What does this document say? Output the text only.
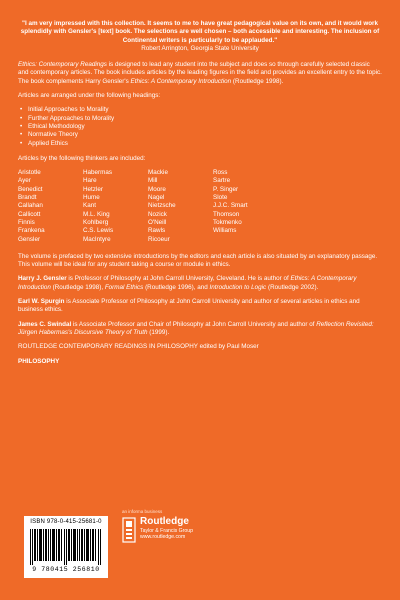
"I am very impressed with this collection. It seems to me to have great pedagogical value on its own, and it would work splendidly with Gensler's [text] book. The selections are well chosen – both accessible and interesting. The inclusion of Continental writers is particularly to be applauded."

Robert Arrington, Georgia State University

Ethics: Contemporary Readings is designed to lead any student into the subject and does so through carefully selected classic and contemporary articles. The book includes articles by the leading figures in the field and provides an excellent entry to the topic. The book complements Harry Gensler's Ethics: A Contemporary Introduction (Routledge 1998).

Articles are arranged under the following headings:

• Initial Approaches to Morality
• Further Approaches to Morality
• Ethical Methodology
• Normative Theory
• Applied Ethics

Articles by the following thinkers are included:

Aristotle
Ayer
Benedict
Brandt
Callahan
Callicott
Finnis
Frankena
Gensler
Habermas
Hare
Hetzler
Hume
Kant
M.L. King
Kohlberg
C.S. Lewis
MacIntyre
Mackie
Mill
Moore
Nagel
Nietzsche
Nozick
O'Neill
Rawls
Ricoeur
Ross
Sartre
P. Singer
Slote
J.J.C. Smart
Thomson
Tokmenko
Williams

The volume is prefaced by two extensive introductions by the editors and each article is also situated by an explanatory passage. This volume will be ideal for any student taking a course or module in ethics.

Harry J. Gensler is Professor of Philosophy at John Carroll University, Cleveland. He is author of Ethics: A Contemporary Introduction (Routledge 1998), Formal Ethics (Routledge 1996), and Introduction to Logic (Routledge 2002).

Earl W. Spurgin is Associate Professor of Philosophy at John Carroll University and author of several articles in ethics and business ethics.

James C. Swindal is Associate Professor and Chair of Philosophy at John Carroll University and author of Reflection Revisited: Jürgen Habermas's Discursive Theory of Truth (1999).

ROUTLEDGE CONTEMPORARY READINGS IN PHILOSOPHY edited by Paul Moser

PHILOSOPHY

ISBN 978-0-415-25681-0
9 780415 256810
an informa business
Routledge
Taylor & Francis Group
www.routledge.com
